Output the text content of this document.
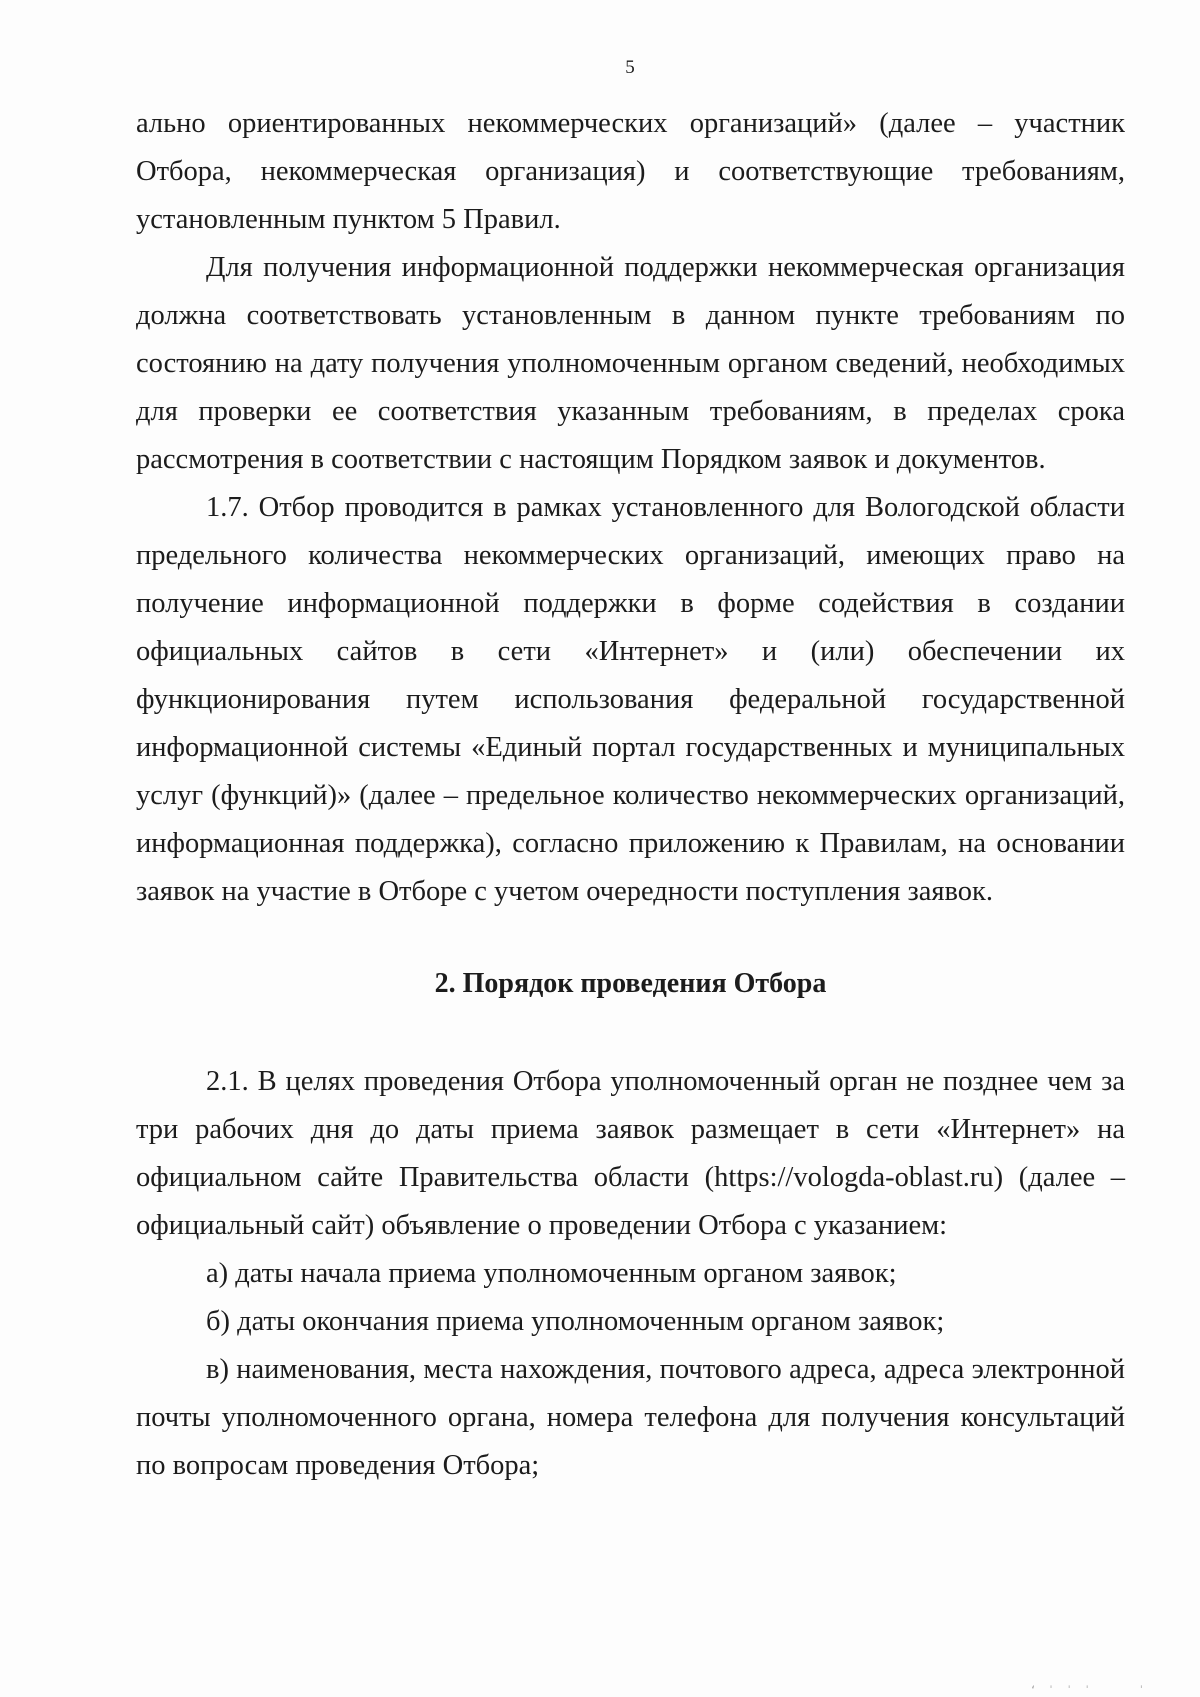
5

ально ориентированных некоммерческих организаций» (далее – участник Отбора, некоммерческая организация) и соответствующие требованиям, установленным пунктом 5 Правил.

Для получения информационной поддержки некоммерческая организация должна соответствовать установленным в данном пункте требованиям по состоянию на дату получения уполномоченным органом сведений, необходимых для проверки ее соответствия указанным требованиям, в пределах срока рассмотрения в соответствии с настоящим Порядком заявок и документов.

1.7. Отбор проводится в рамках установленного для Вологодской области предельного количества некоммерческих организаций, имеющих право на получение информационной поддержки в форме содействия в создании официальных сайтов в сети «Интернет» и (или) обеспечении их функционирования путем использования федеральной государственной информационной системы «Единый портал государственных и муниципальных услуг (функций)» (далее – предельное количество некоммерческих организаций, информационная поддержка), согласно приложению к Правилам, на основании заявок на участие в Отборе с учетом очередности поступления заявок.

2. Порядок проведения Отбора

2.1. В целях проведения Отбора уполномоченный орган не позднее чем за три рабочих дня до даты приема заявок размещает в сети «Интернет» на официальном сайте Правительства области (https://vologda-oblast.ru) (далее – официальный сайт) объявление о проведении Отбора с указанием:

а) даты начала приема уполномоченным органом заявок;

б) даты окончания приема уполномоченным органом заявок;

в) наименования, места нахождения, почтового адреса, адреса электронной почты уполномоченного органа, номера телефона для получения консультаций по вопросам проведения Отбора;

‘ ˈ ˈ ˈ     ˈ
